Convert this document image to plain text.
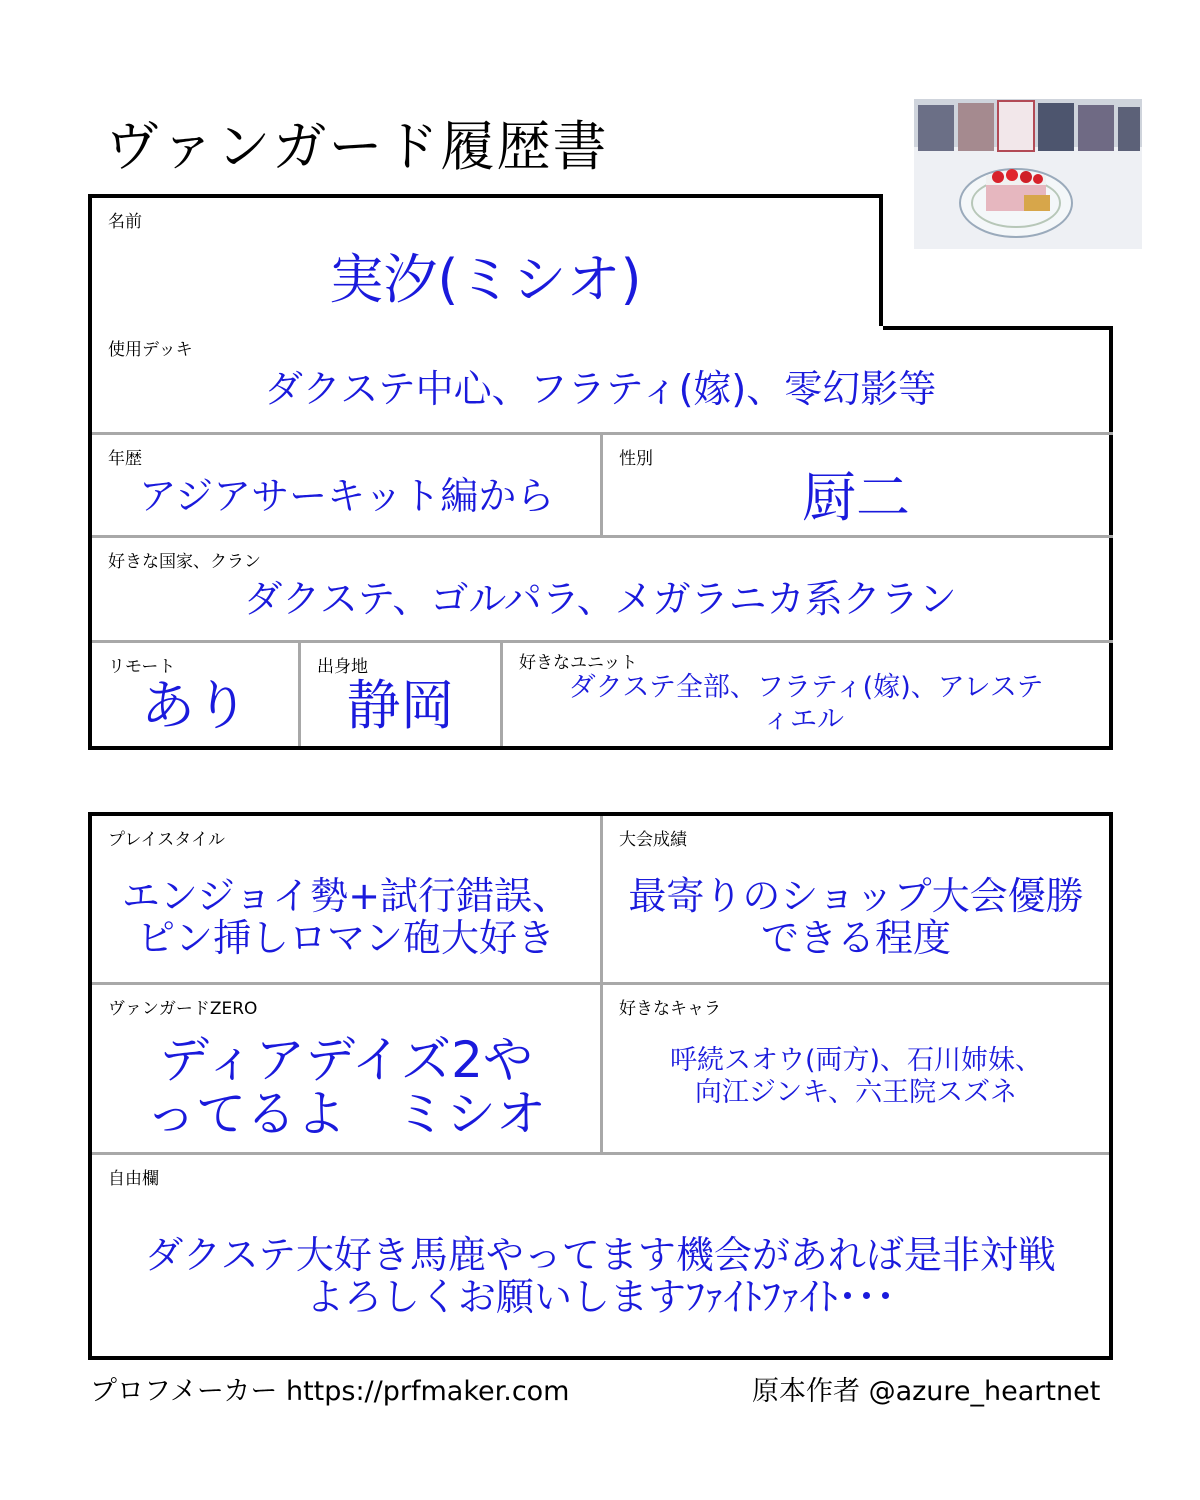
ヴァンガード履歴書
名前
実汐(ミシオ)
使用デッキ
ダクステ中心、フラティ(嫁)、零幻影等
年歴
アジアサーキット編から
性別
厨二
好きな国家、クラン
ダクステ、ゴルパラ、メガラニカ系クラン
リモート
あり
出身地
静岡
好きなユニット
ダクステ全部、フラティ(嫁)、アレステ
ィエル
プレイスタイル
エンジョイ勢+試行錯誤、
ピン挿しロマン砲大好き
大会成績
最寄りのショップ大会優勝
できる程度
ヴァンガードZERO
ディアデイズ2や
ってるよ　ミシオ
好きなキャラ
呼続スオウ(両方)、石川姉妹、
向江ジンキ、六王院スズネ
自由欄
ダクステ大好き馬鹿やってます機会があれば是非対戦
よろしくお願いしますﾌｧｲﾄﾌｧｲﾄ･･･
プロフメーカー https://prfmaker.com	原本作者 @azure_heartnet
